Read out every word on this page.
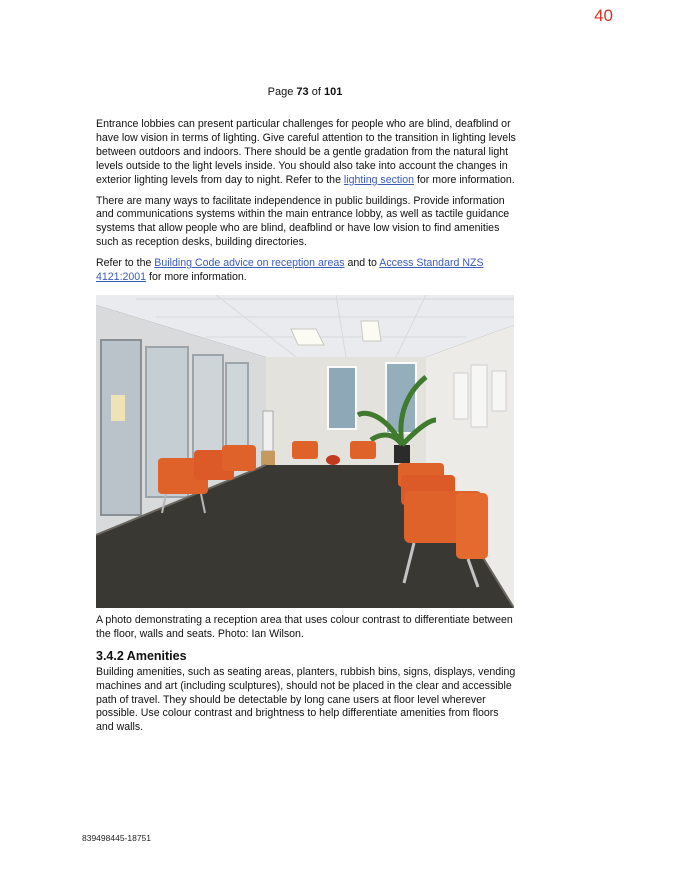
40
Page 73 of 101

Entrance lobbies can present particular challenges for people who are blind, deafblind or have low vision in terms of lighting. Give careful attention to the transition in lighting levels between outdoors and indoors. There should be a gentle gradation from the natural light levels outside to the light levels inside. You should also take into account the changes in exterior lighting levels from day to night. Refer to the lighting section for more information.

There are many ways to facilitate independence in public buildings. Provide information and communications systems within the main entrance lobby, as well as tactile guidance systems that allow people who are blind, deafblind or have low vision to find amenities such as reception desks, building directories.

Refer to the Building Code advice on reception areas and to Access Standard NZS 4121:2001 for more information.

A photo demonstrating a reception area that uses colour contrast to differentiate between the floor, walls and seats. Photo: Ian Wilson.

3.4.2 Amenities

Building amenities, such as seating areas, planters, rubbish bins, signs, displays, vending machines and art (including sculptures), should not be placed in the clear and accessible path of travel. They should be detectable by long cane users at floor level wherever possible. Use colour contrast and brightness to help differentiate amenities from floors and walls.

839498445-18751
